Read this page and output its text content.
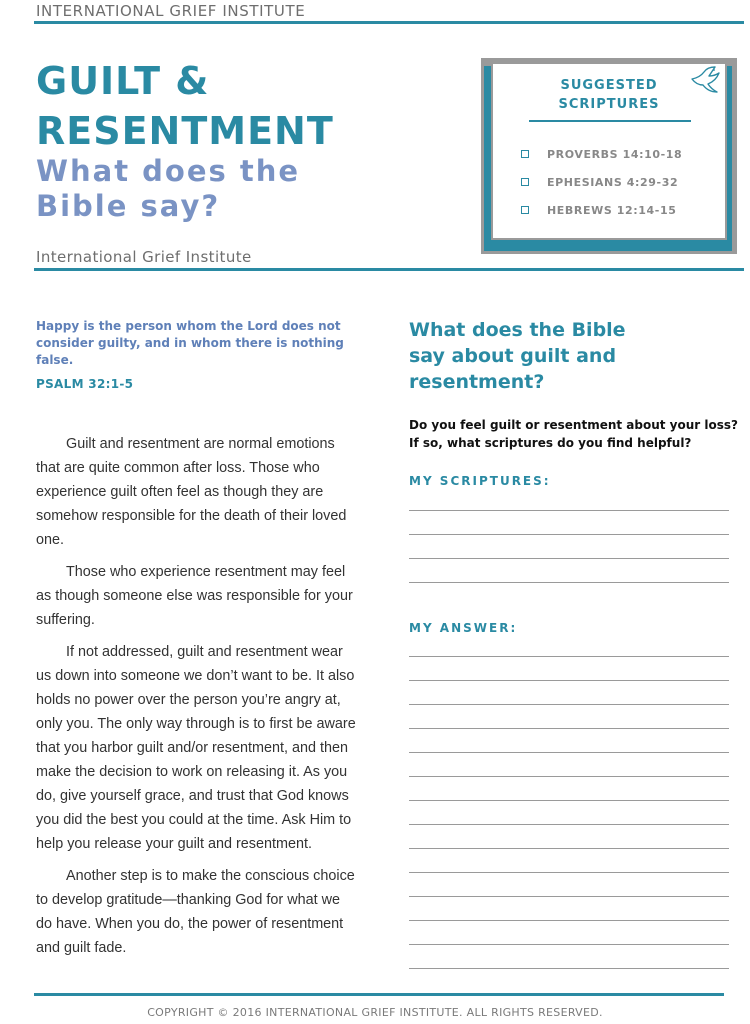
INTERNATIONAL GRIEF INSTITUTE
GUILT &
RESENTMENT
What does the
Bible say?
International Grief Institute
SUGGESTED
SCRIPTURES
PROVERBS 14:10-18
EPHESIANS 4:29-32
HEBREWS 12:14-15
Happy is the person whom the Lord does not consider guilty, and in whom there is nothing false.
PSALM 32:1-5

Guilt and resentment are normal emotions that are quite common after loss. Those who experience guilt often feel as though they are somehow responsible for the death of their loved one.

Those who experience resentment may feel as though someone else was responsible for your suffering.

If not addressed, guilt and resentment wear us down into someone we don’t want to be. It also holds no power over the person you’re angry at, only you. The only way through is to first be aware that you harbor guilt and/or resentment, and then make the decision to work on releasing it. As you do, give yourself grace, and trust that God knows you did the best you could at the time. Ask Him to help you release your guilt and resentment.

Another step is to make the conscious choice to develop gratitude—thanking God for what we do have. When you do, the power of resentment and guilt fade.

What does the Bible
say about guilt and
resentment?
Do you feel guilt or resentment about your loss?
If so, what scriptures do you find helpful?
MY SCRIPTURES:
MY ANSWER:
COPYRIGHT © 2016 INTERNATIONAL GRIEF INSTITUTE. ALL RIGHTS RESERVED.
